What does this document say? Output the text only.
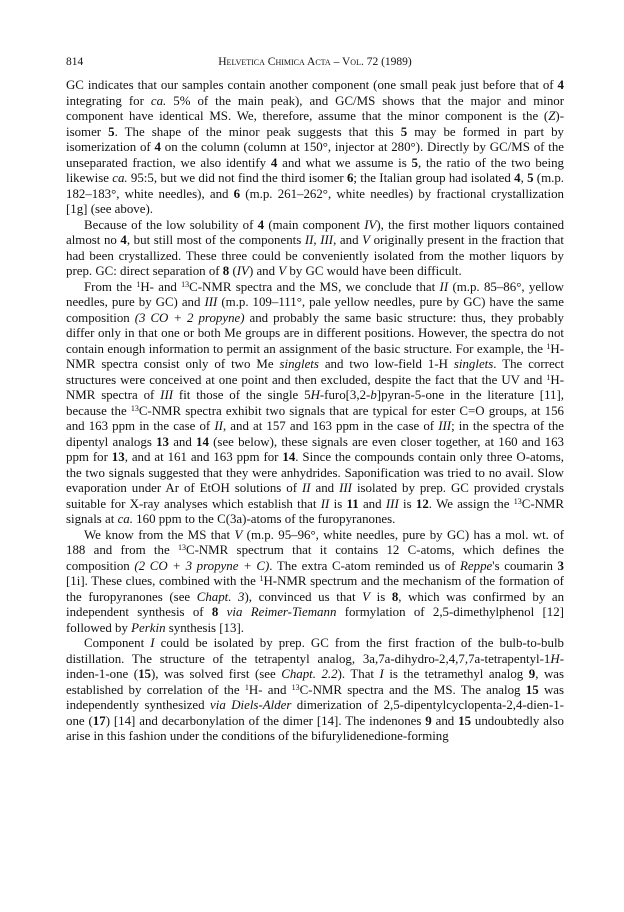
814	Helvetica Chimica Acta – Vol. 72 (1989)

GC indicates that our samples contain another component (one small peak just before that of 4 integrating for ca. 5% of the main peak), and GC/MS shows that the major and minor component have identical MS. We, therefore, assume that the minor component is the (Z)-isomer 5. The shape of the minor peak suggests that this 5 may be formed in part by isomerization of 4 on the column (column at 150°, injector at 280°). Directly by GC/MS of the unseparated fraction, we also identify 4 and what we assume is 5, the ratio of the two being likewise ca. 95:5, but we did not find the third isomer 6; the Italian group had isolated 4, 5 (m.p. 182–183°, white needles), and 6 (m.p. 261–262°, white needles) by fractional crystallization [1g] (see above).

Because of the low solubility of 4 (main component IV), the first mother liquors contained almost no 4, but still most of the components II, III, and V originally present in the fraction that had been crystallized. These three could be conveniently isolated from the mother liquors by prep. GC: direct separation of 8 (IV) and V by GC would have been difficult.

From the $^1$H- and $^{13}$C-NMR spectra and the MS, we conclude that II (m.p. 85–86°, yellow needles, pure by GC) and III (m.p. 109–111°, pale yellow needles, pure by GC) have the same composition (3 CO + 2 propyne) and probably the same basic structure: thus, they probably differ only in that one or both Me groups are in different positions. However, the spectra do not contain enough information to permit an assignment of the basic structure. For example, the $^1$H-NMR spectra consist only of two Me singlets and two low-field 1-H singlets. The correct structures were conceived at one point and then excluded, despite the fact that the UV and $^1$H-NMR spectra of III fit those of the single 5H-furo[3,2-b]pyran-5-one in the literature [11], because the $^{13}$C-NMR spectra exhibit two signals that are typical for ester C=O groups, at 156 and 163 ppm in the case of II, and at 157 and 163 ppm in the case of III; in the spectra of the dipentyl analogs 13 and 14 (see below), these signals are even closer together, at 160 and 163 ppm for 13, and at 161 and 163 ppm for 14. Since the compounds contain only three O-atoms, the two signals suggested that they were anhydrides. Saponification was tried to no avail. Slow evaporation under Ar of EtOH solutions of II and III isolated by prep. GC provided crystals suitable for X-ray analyses which establish that II is 11 and III is 12. We assign the $^{13}$C-NMR signals at ca. 160 ppm to the C(3a)-atoms of the furopyranones.

We know from the MS that V (m.p. 95–96°, white needles, pure by GC) has a mol. wt. of 188 and from the $^{13}$C-NMR spectrum that it contains 12 C-atoms, which defines the composition (2 CO + 3 propyne + C). The extra C-atom reminded us of Reppe's coumarin 3 [1i]. These clues, combined with the $^1$H-NMR spectrum and the mechanism of the formation of the furopyranones (see Chapt. 3), convinced us that V is 8, which was confirmed by an independent synthesis of 8 via Reimer-Tiemann formylation of 2,5-dimethylphenol [12] followed by Perkin synthesis [13].

Component I could be isolated by prep. GC from the first fraction of the bulb-to-bulb distillation. The structure of the tetrapentyl analog, 3a,7a-dihydro-2,4,7,7a-tetrapentyl-1H-inden-1-one (15), was solved first (see Chapt. 2.2). That I is the tetramethyl analog 9, was established by correlation of the $^1$H- and $^{13}$C-NMR spectra and the MS. The analog 15 was independently synthesized via Diels-Alder dimerization of 2,5-dipentylcyclopenta-2,4-dien-1-one (17) [14] and decarbonylation of the dimer [14]. The indenones 9 and 15 undoubtedly also arise in this fashion under the conditions of the bifurylidenedione-forming
